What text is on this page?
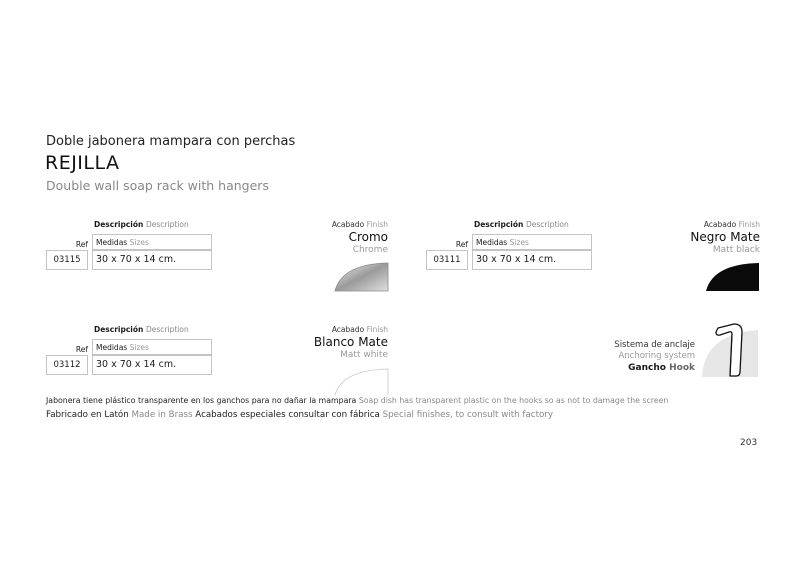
Doble jabonera mampara con perchas
REJILLA
Double wall soap rack with hangers
Descripción Description
Ref	Medidas Sizes
03115	30 x 70 x 14 cm.
Acabado Finish
Cromo
Chrome
Descripción Description
Ref	Medidas Sizes
03111	30 x 70 x 14 cm.
Acabado Finish
Negro Mate
Matt black
Descripción Description
Ref	Medidas Sizes
03112	30 x 70 x 14 cm.
Acabado Finish
Blanco Mate
Matt white
Sistema de anclaje
Anchoring system
Gancho Hook
Jabonera tiene plástico transparente en los ganchos para no dañar la mampara Soap dish has transparent plastic on the hooks so as not to damage the screen
Fabricado en Latón Made in Brass Acabados especiales consultar con fábrica Special finishes, to consult with factory
203
